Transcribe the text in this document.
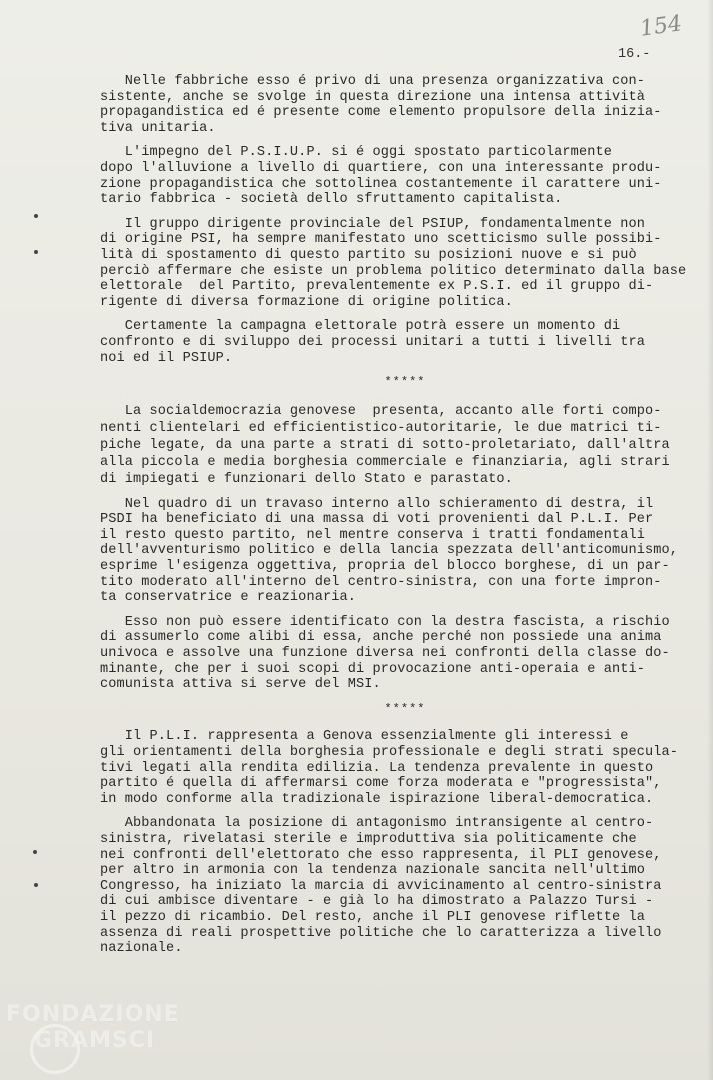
154
16.-

Nelle fabbriche esso é privo di una presenza organizzativa con-
sistente, anche se svolge in questa direzione una intensa attività
propagandistica ed é presente come elemento propulsore della inizia-
tiva unitaria.

L'impegno del P.S.I.U.P. si é oggi spostato particolarmente
dopo l'alluvione a livello di quartiere, con una interessante produ-
zione propagandistica che sottolinea costantemente il carattere uni-
tario fabbrica - società dello sfruttamento capitalista.

Il gruppo dirigente provinciale del PSIUP, fondamentalmente non
di origine PSI, ha sempre manifestato uno scetticismo sulle possibi-
lità di spostamento di questo partito su posizioni nuove e si può
perciò affermare che esiste un problema politico determinato dalla base
elettorale  del Partito, prevalentemente ex P.S.I. ed il gruppo di-
rigente di diversa formazione di origine politica.

Certamente la campagna elettorale potrà essere un momento di
confronto e di sviluppo dei processi unitari a tutti i livelli tra
noi ed il PSIUP.

*****

La socialdemocrazia genovese  presenta, accanto alle forti compo-
nenti clientelari ed efficientistico-autoritarie, le due matrici ti-
piche legate, da una parte a strati di sotto-proletariato, dall'altra
alla piccola e media borghesia commerciale e finanziaria, agli strari
di impiegati e funzionari dello Stato e parastato.

Nel quadro di un travaso interno allo schieramento di destra, il
PSDI ha beneficiato di una massa di voti provenienti dal P.L.I. Per
il resto questo partito, nel mentre conserva i tratti fondamentali
dell'avventurismo politico e della lancia spezzata dell'anticomunismo,
esprime l'esigenza oggettiva, propria del blocco borghese, di un par-
tito moderato all'interno del centro-sinistra, con una forte impron-
ta conservatrice e reazionaria.

Esso non può essere identificato con la destra fascista, a rischio
di assumerlo come alibi di essa, anche perché non possiede una anima
univoca e assolve una funzione diversa nei confronti della classe do-
minante, che per i suoi scopi di provocazione anti-operaia e anti-
comunista attiva si serve del MSI.

*****

Il P.L.I. rappresenta a Genova essenzialmente gli interessi e
gli orientamenti della borghesia professionale e degli strati specula-
tivi legati alla rendita edilizia. La tendenza prevalente in questo
partito é quella di affermarsi come forza moderata e "progressista",
in modo conforme alla tradizionale ispirazione liberal-democratica.

Abbandonata la posizione di antagonismo intransigente al centro-
sinistra, rivelatasi sterile e improduttiva sia politicamente che
nei confronti dell'elettorato che esso rappresenta, il PLI genovese,
per altro in armonia con la tendenza nazionale sancita nell'ultimo
Congresso, ha iniziato la marcia di avvicinamento al centro-sinistra
di cui ambisce diventare - e già lo ha dimostrato a Palazzo Tursi -
il pezzo di ricambio. Del resto, anche il PLI genovese riflette la
assenza di reali prospettive politiche che lo caratterizza a livello
nazionale.

FONDAZIONE
GRAMSCI
